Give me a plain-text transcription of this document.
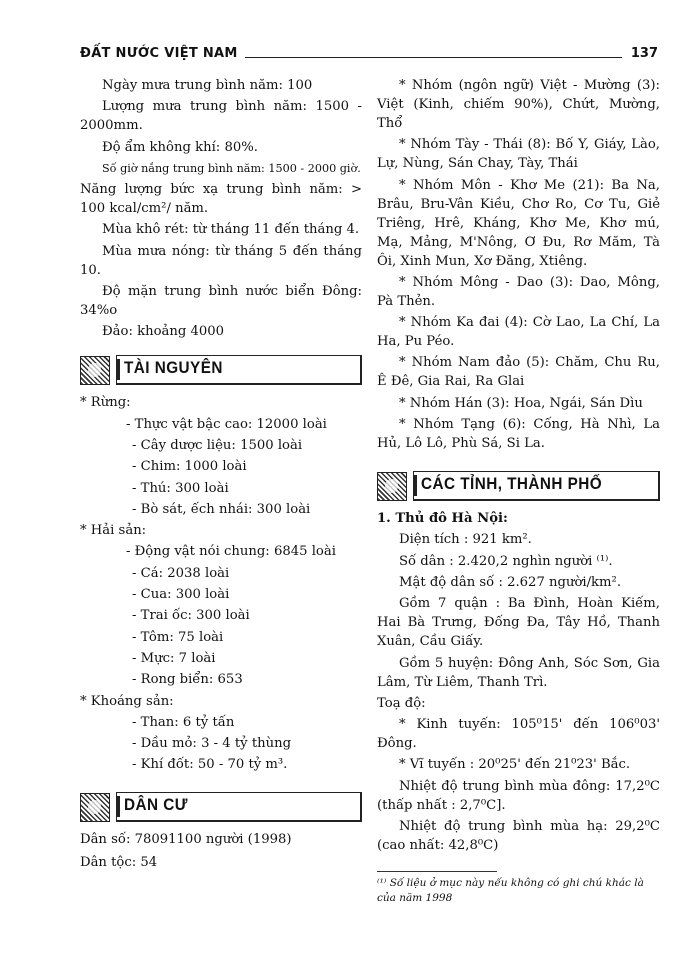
ĐẤT NƯỚC VIỆT NAM	137

Ngày mưa trung bình năm: 100

Lượng mưa trung bình năm: 1500 - 2000mm.

Độ ẩm không khí: 80%.

Số giờ nắng trung bình năm: 1500 - 2000 giờ.

Năng lượng bức xạ trung bình năm: > 100 kcal/cm²/ năm.

Mùa khô rét: từ tháng 11 đến tháng 4.

Mùa mưa nóng: từ tháng 5 đến tháng 10.

Độ mặn trung bình nước biển Đông: 34%o

Đảo: khoảng 4000

TÀI NGUYÊN

* Rừng:

- Thực vật bậc cao: 12000 loài

- Cây dược liệu: 1500 loài

- Chim: 1000 loài

- Thú: 300 loài

- Bò sát, ếch nhái: 300 loài

* Hải sản:

- Động vật nói chung: 6845 loài

- Cá: 2038 loài

- Cua: 300 loài

- Trai ốc: 300 loài

- Tôm: 75 loài

- Mực: 7 loài

- Rong biển: 653

* Khoáng sản:

- Than: 6 tỷ tấn

- Dầu mỏ: 3 - 4 tỷ thùng

- Khí đốt: 50 - 70 tỷ m³.

DÂN CƯ

Dân số: 78091100 người (1998)

Dân tộc: 54

* Nhóm (ngôn ngữ) Việt - Mường (3): Việt (Kinh, chiếm 90%), Chứt, Mường, Thổ

* Nhóm Tày - Thái (8): Bố Y, Giáy, Lào, Lự, Nùng, Sán Chay, Tày, Thái

* Nhóm Môn - Khơ Me (21): Ba Na, Brâu, Bru-Vân Kiều, Chơ Ro, Cơ Tu, Giẻ Triêng, Hrê, Kháng, Khơ Me, Khơ mú, Mạ, Mảng, M'Nông, Ơ Đu, Rơ Măm, Tà Ôi, Xinh Mun, Xơ Đăng, Xtiêng.

* Nhóm Mông - Dao (3): Dao, Mông, Pà Thẻn.

* Nhóm Ka đai (4): Cờ Lao, La Chí, La Ha, Pu Péo.

* Nhóm Nam đảo (5): Chăm, Chu Ru, Ê Đê, Gia Rai, Ra Glai

* Nhóm Hán (3): Hoa, Ngái, Sán Dìu

* Nhóm Tạng (6): Cống, Hà Nhì, La Hủ, Lô Lô, Phù Sá, Si La.

CÁC TỈNH, THÀNH PHỐ

1. Thủ đô Hà Nội:

Diện tích : 921 km².

Số dân : 2.420,2 nghìn người ⁽¹⁾.

Mật độ dân số : 2.627 người/km².

Gồm 7 quận : Ba Đình, Hoàn Kiếm, Hai Bà Trưng, Đống Đa, Tây Hồ, Thanh Xuân, Cầu Giấy.

Gồm 5 huyện: Đông Anh, Sóc Sơn, Gia Lâm, Từ Liêm, Thanh Trì.

Toạ độ:

* Kinh tuyến: 105⁰15' đến 106⁰03' Đông.

* Vĩ tuyến : 20⁰25' đến 21⁰23' Bắc.

Nhiệt độ trung bình mùa đông: 17,2⁰C (thấp nhất : 2,7⁰C].

Nhiệt độ trung bình mùa hạ: 29,2⁰C (cao nhất: 42,8⁰C)

⁽¹⁾ Số liệu ở mục này nếu không có ghi chú khác là của năm 1998
